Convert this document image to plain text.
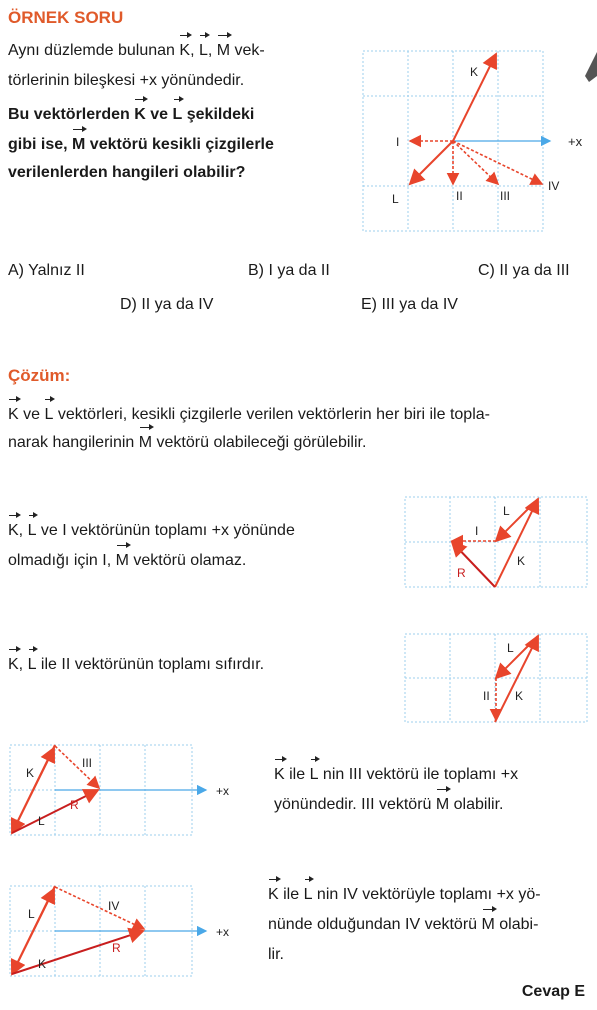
ÖRNEK SORU
Aynı düzlemde bulunan K, L, M vek-
törlerinin bileşkesi +x yönündedir.
Bu vektörlerden K ve L şekildeki
gibi ise, M vektörü kesikli çizgilerle
verilenlerden hangileri olabilir?
+x
K
I
L	II	III
IV
A) Yalnız II	B) I ya da II	C) II ya da III
D) II ya da IV	E) III ya da IV
Çözüm:
K ve L vektörleri, kesikli çizgilerle verilen vektörlerin her biri ile topla-
narak hangilerinin M vektörü olabileceği görülebilir.
K, L ve I vektörünün toplamı +x yönünde
olmadığı için I, M vektörü olamaz.
L
I
K
R
K, L ile II vektörünün toplamı sıfırdır.
L
II K
+x
K
III
R
L
K ile L nin III vektörü ile toplamı +x
yönündedir. III vektörü M olabilir.
+x
L
IV
R
K
K ile L nin IV vektörüyle toplamı +x yö-
nünde olduğundan IV vektörü M olabi-
lir.
Cevap E
